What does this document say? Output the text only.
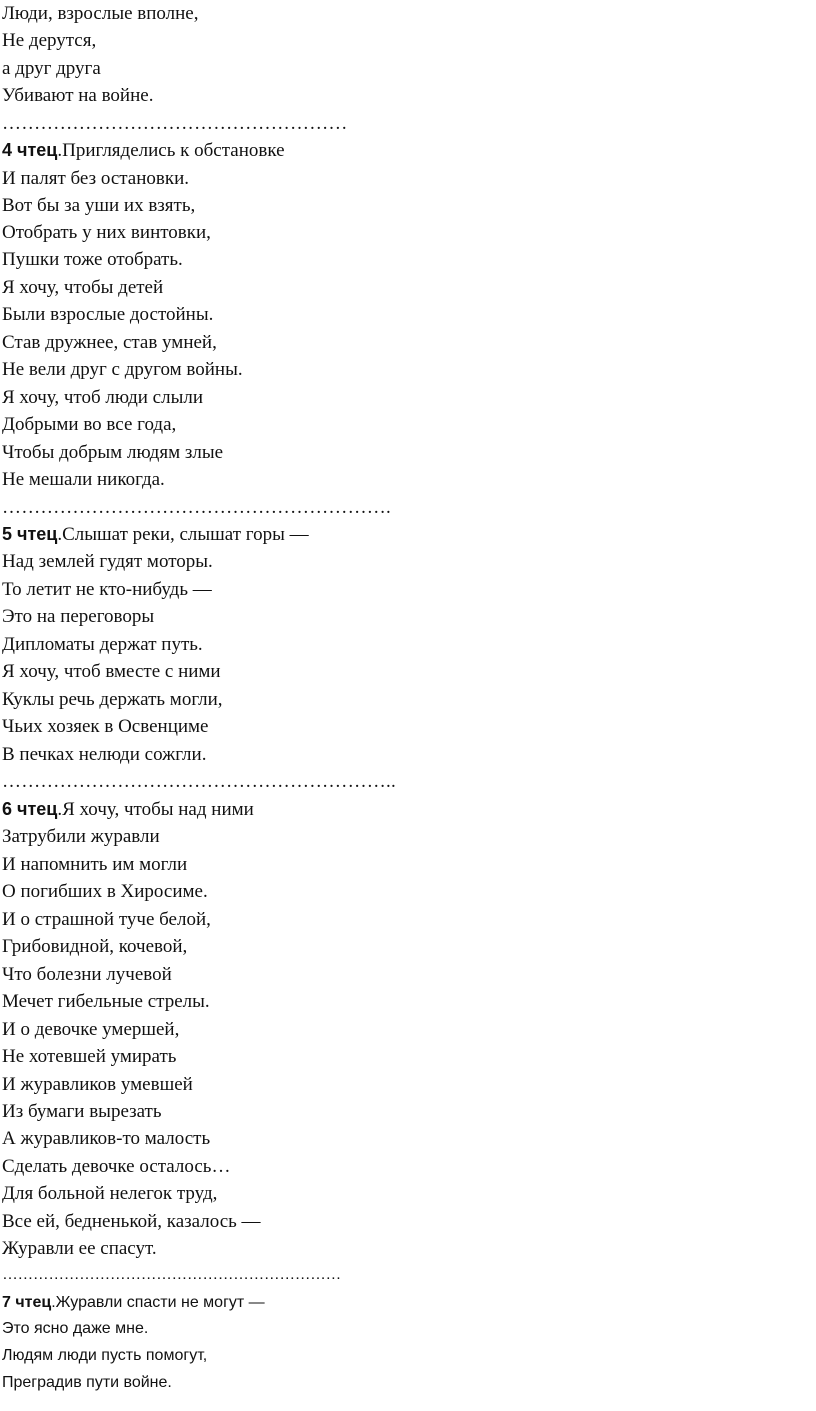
Люди, взрослые вполне,
Не дерутся,
а друг друга
Убивают на войне.
………………………………………………
4 чтец.Пригляделись к обстановке
И палят без остановки.
Вот бы за уши их взять,
Отобрать у них винтовки,
Пушки тоже отобрать.
Я хочу, чтобы детей
Были взрослые достойны.
Став дружнее, став умней,
Не вели друг с другом войны.
Я хочу, чтоб люди слыли
Добрыми во все года,
Чтобы добрым людям злые
Не мешали никогда.
…………………………………………………….
5 чтец.Слышат реки, слышат горы —
Над землей гудят моторы.
То летит не кто-нибудь —
Это на переговоры
Дипломаты держат путь.
Я хочу, чтоб вместе с ними
Куклы речь держать могли,
Чьих хозяек в Освенциме
В печках нелюди сожгли.
……………………………………………………..
6 чтец.Я хочу, чтобы над ними
Затрубили журавли
И напомнить им могли
О погибших в Хиросиме.
И о страшной туче белой,
Грибовидной, кочевой,
Что болезни лучевой
Мечет гибельные стрелы.
И о девочке умершей,
Не хотевшей умирать
И журавликов умевшей
Из бумаги вырезать
А журавликов-то малость
Сделать девочке осталось…
Для больной нелегок труд,
Все ей, бедненькой, казалось —
Журавли ее спасут.
…………………………………………………………
7 чтец.Журавли спасти не могут —
Это ясно даже мне.
Людям люди пусть помогут,
Преградив пути войне.
